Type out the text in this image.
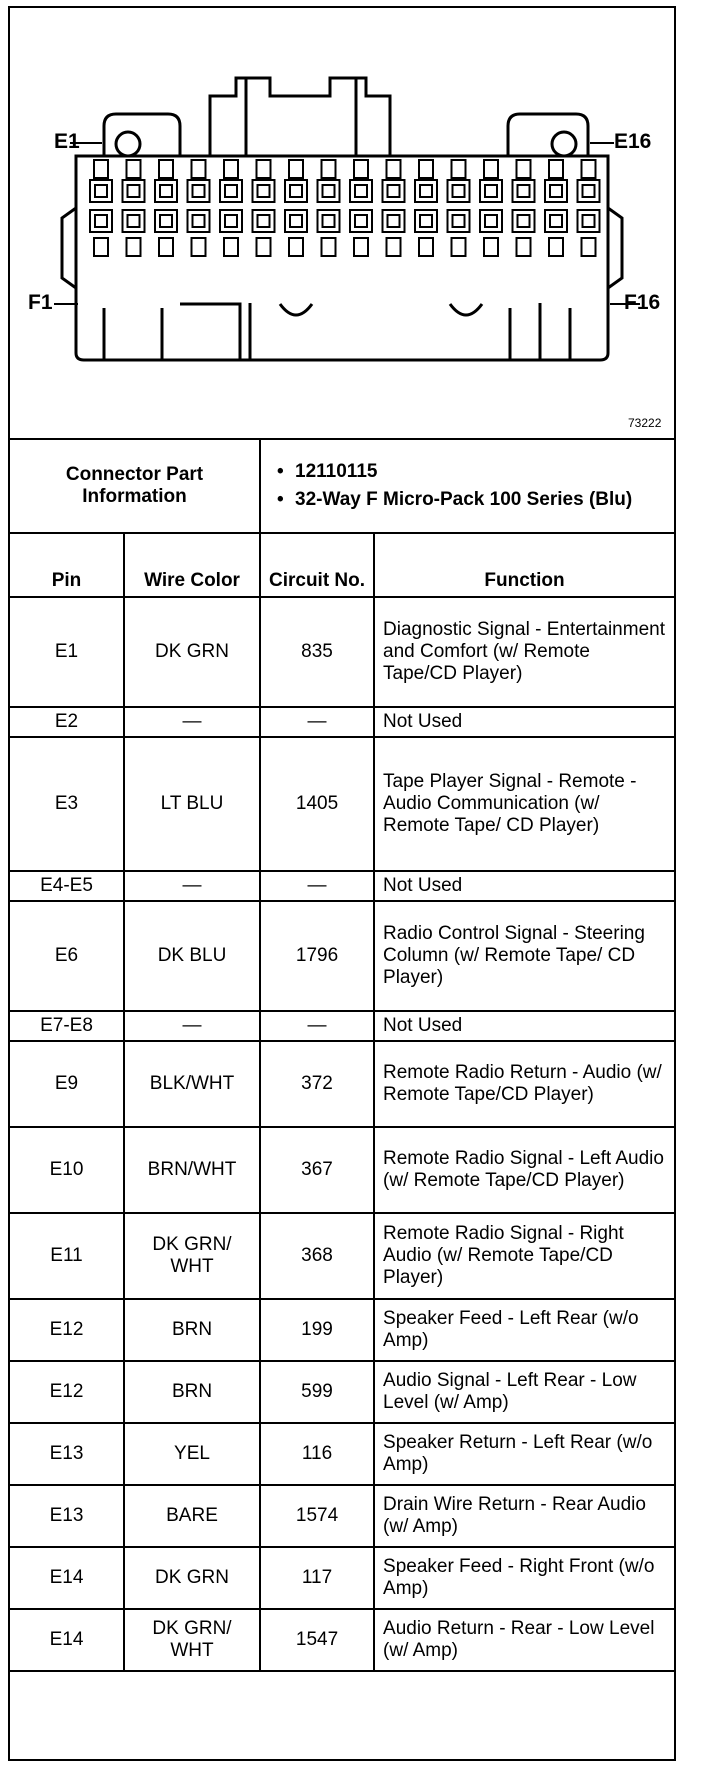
E1	E16
F1	F16
73222
Connector Part Information		• 12110115
• 32-Way F Micro-Pack 100 Series (Blu)	

Pin	Wire Color	Circuit No.	Function
E1	DK GRN	835	Diagnostic Signal - Entertainment and Comfort (w/ Remote Tape/CD Player)
E2	—	—	Not Used
E3	LT BLU	1405	Tape Player Signal - Remote - Audio Communication (w/ Remote Tape/ CD Player)
E4-E5	—	—	Not Used
E6	DK BLU	1796	Radio Control Signal - Steering Column (w/ Remote Tape/ CD Player)
E7-E8	—	—	Not Used
E9	BLK/WHT	372	Remote Radio Return - Audio (w/ Remote Tape/CD Player)
E10	BRN/WHT	367	Remote Radio Signal - Left Audio (w/ Remote Tape/CD Player)
E11	DK GRN/ WHT	368	Remote Radio Signal - Right Audio (w/ Remote Tape/CD Player)
E12	BRN	199	Speaker Feed - Left Rear (w/o Amp)
E12	BRN	599	Audio Signal - Left Rear - Low Level (w/ Amp)
E13	YEL	116	Speaker Return - Left Rear (w/o Amp)
E13	BARE	1574	Drain Wire Return - Rear Audio (w/ Amp)
E14	DK GRN	117	Speaker Feed - Right Front (w/o Amp)
E14	DK GRN/ WHT	1547	Audio Return - Rear - Low Level (w/ Amp)
